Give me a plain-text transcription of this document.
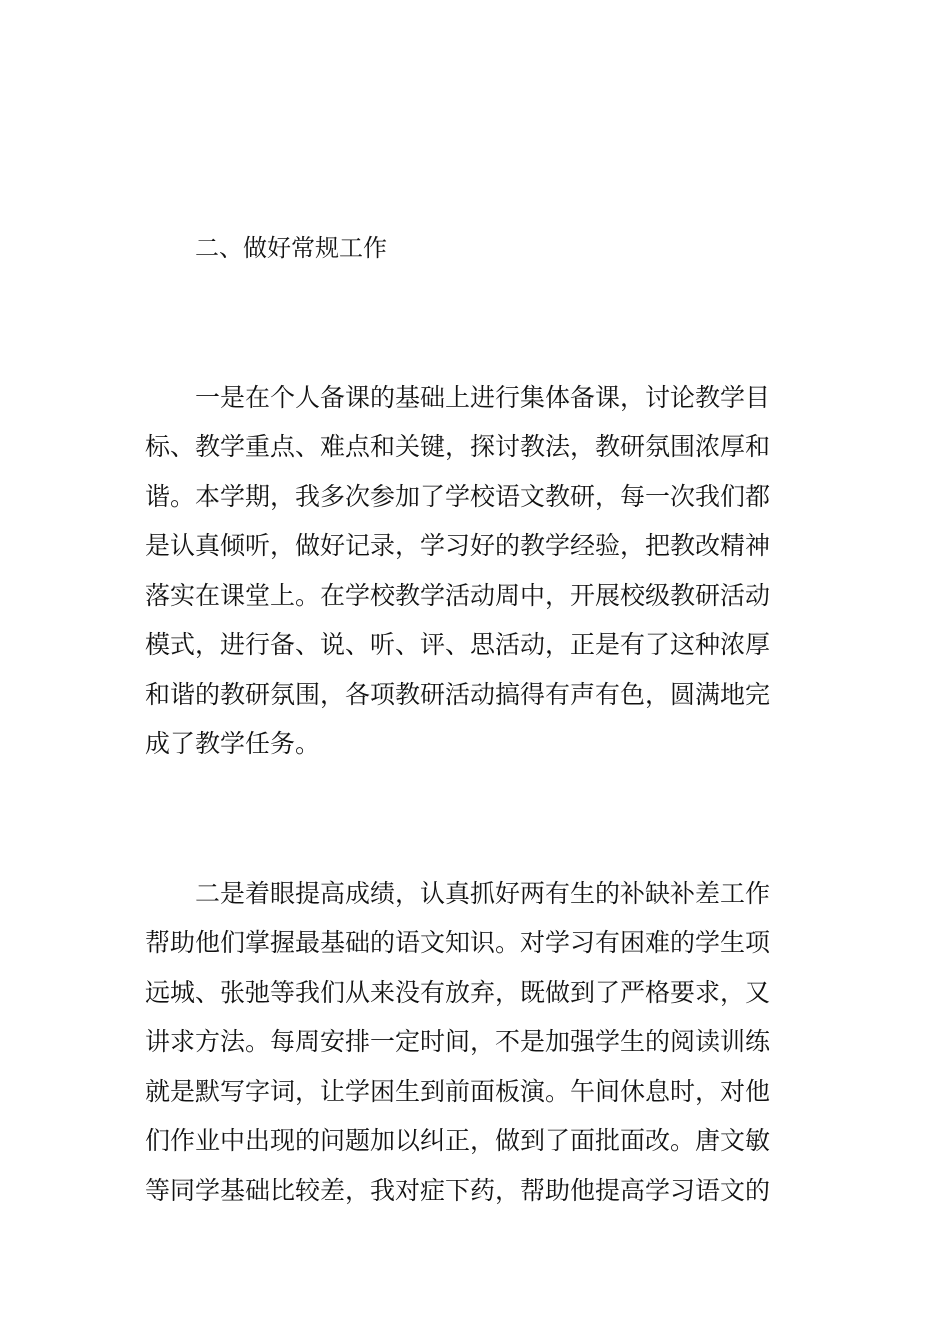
二、做好常规工作

一是在个人备课的基础上进行集体备课，讨论教学目

标、教学重点、难点和关键，探讨教法，教研氛围浓厚和

谐。本学期，我多次参加了学校语文教研，每一次我们都

是认真倾听，做好记录，学习好的教学经验，把教改精神

落实在课堂上。在学校教学活动周中，开展校级教研活动

模式，进行备、说、听、评、思活动，正是有了这种浓厚

和谐的教研氛围，各项教研活动搞得有声有色，圆满地完

成了教学任务。

二是着眼提高成绩，认真抓好两有生的补缺补差工作

帮助他们掌握最基础的语文知识。对学习有困难的学生项

远城、张弛等我们从来没有放弃，既做到了严格要求，又

讲求方法。每周安排一定时间，不是加强学生的阅读训练

就是默写字词，让学困生到前面板演。午间休息时，对他

们作业中出现的问题加以纠正，做到了面批面改。唐文敏

等同学基础比较差，我对症下药，帮助他提高学习语文的
